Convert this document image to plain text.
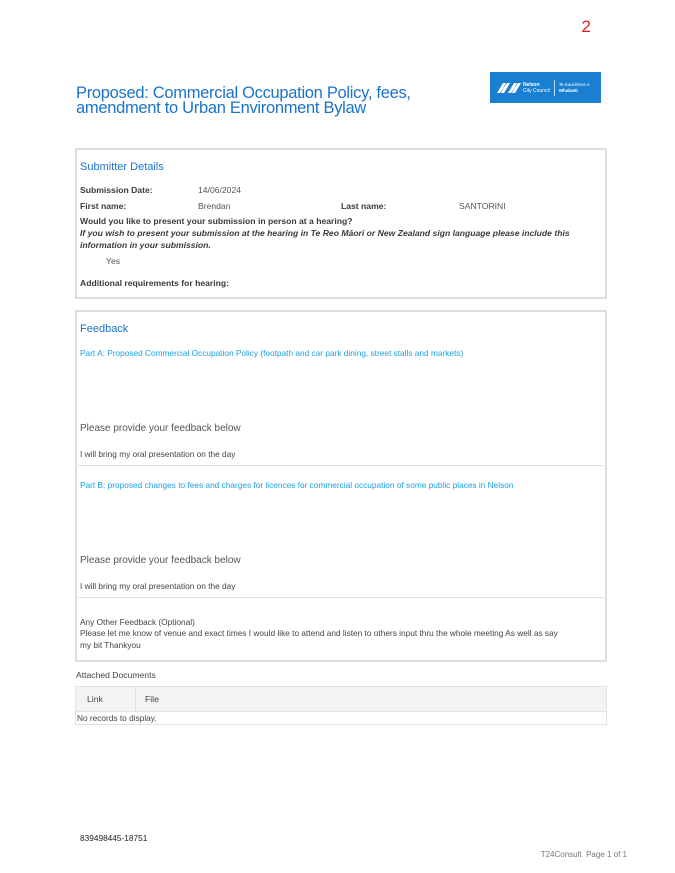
2
Proposed: Commercial Occupation Policy, fees, amendment to Urban Environment Bylaw
Nelson
City Council
Te Kaunihera o
Whakatū
Submitter Details
Submission Date:	14/06/2024
First name:	Brendan	Last name:	SANTORINI
Would you like to present your submission in person at a hearing?
If you wish to present your submission at the hearing in Te Reo Māori or New Zealand sign language please include this information in your submission.
Yes
Additional requirements for hearing:
Feedback
Part A: Proposed Commercial Occupation Policy (footpath and car park dining, street stalls and markets)
Please provide your feedback below
I will bring my oral presentation on the day
Part B: proposed changes to fees and charges for licences for commercial occupation of some public places in Nelson
Please provide your feedback below
I will bring my oral presentation on the day
Any Other Feedback (Optional)
Please let me know of venue and exact times I would like to attend and listen to others input thru the whole meeting As well as say my bit Thankyou
Attached Documents
Link	File
No records to display.
839498445-18751
T24Consult  Page 1 of 1
